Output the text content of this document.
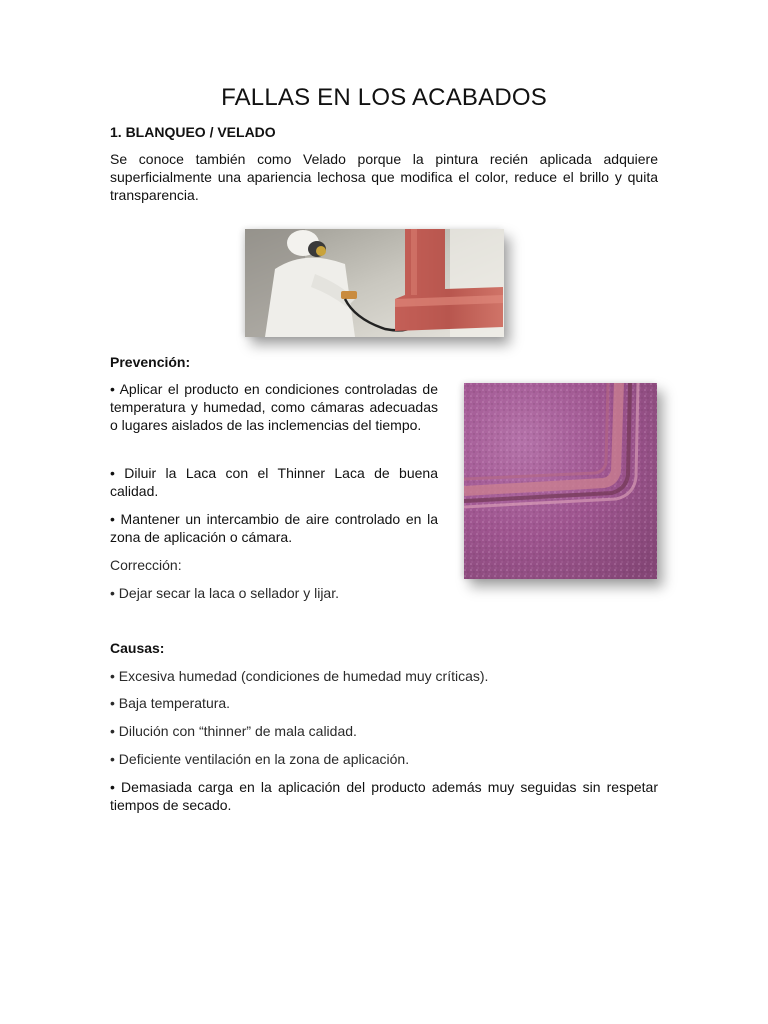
FALLAS EN LOS ACABADOS

1. BLANQUEO / VELADO

Se conoce también como Velado porque la pintura recién aplicada adquiere superficialmente una apariencia lechosa que modifica el color, reduce el brillo y quita transparencia.

Prevención:

• Aplicar el producto en condiciones controladas de temperatura y humedad, como cámaras adecuadas o lugares aislados de las inclemencias del tiempo.

• Diluir la Laca con el Thinner Laca de buena calidad.

• Mantener un intercambio de aire controlado en la zona de aplicación o cámara.

Corrección:

• Dejar secar la laca o sellador y lijar.

Causas:

• Excesiva humedad (condiciones de humedad muy críticas).

• Baja temperatura.

• Dilución con “thinner” de mala calidad.

• Deficiente ventilación en la zona de aplicación.

• Demasiada carga en la aplicación del producto además muy seguidas sin respetar tiempos de secado.
